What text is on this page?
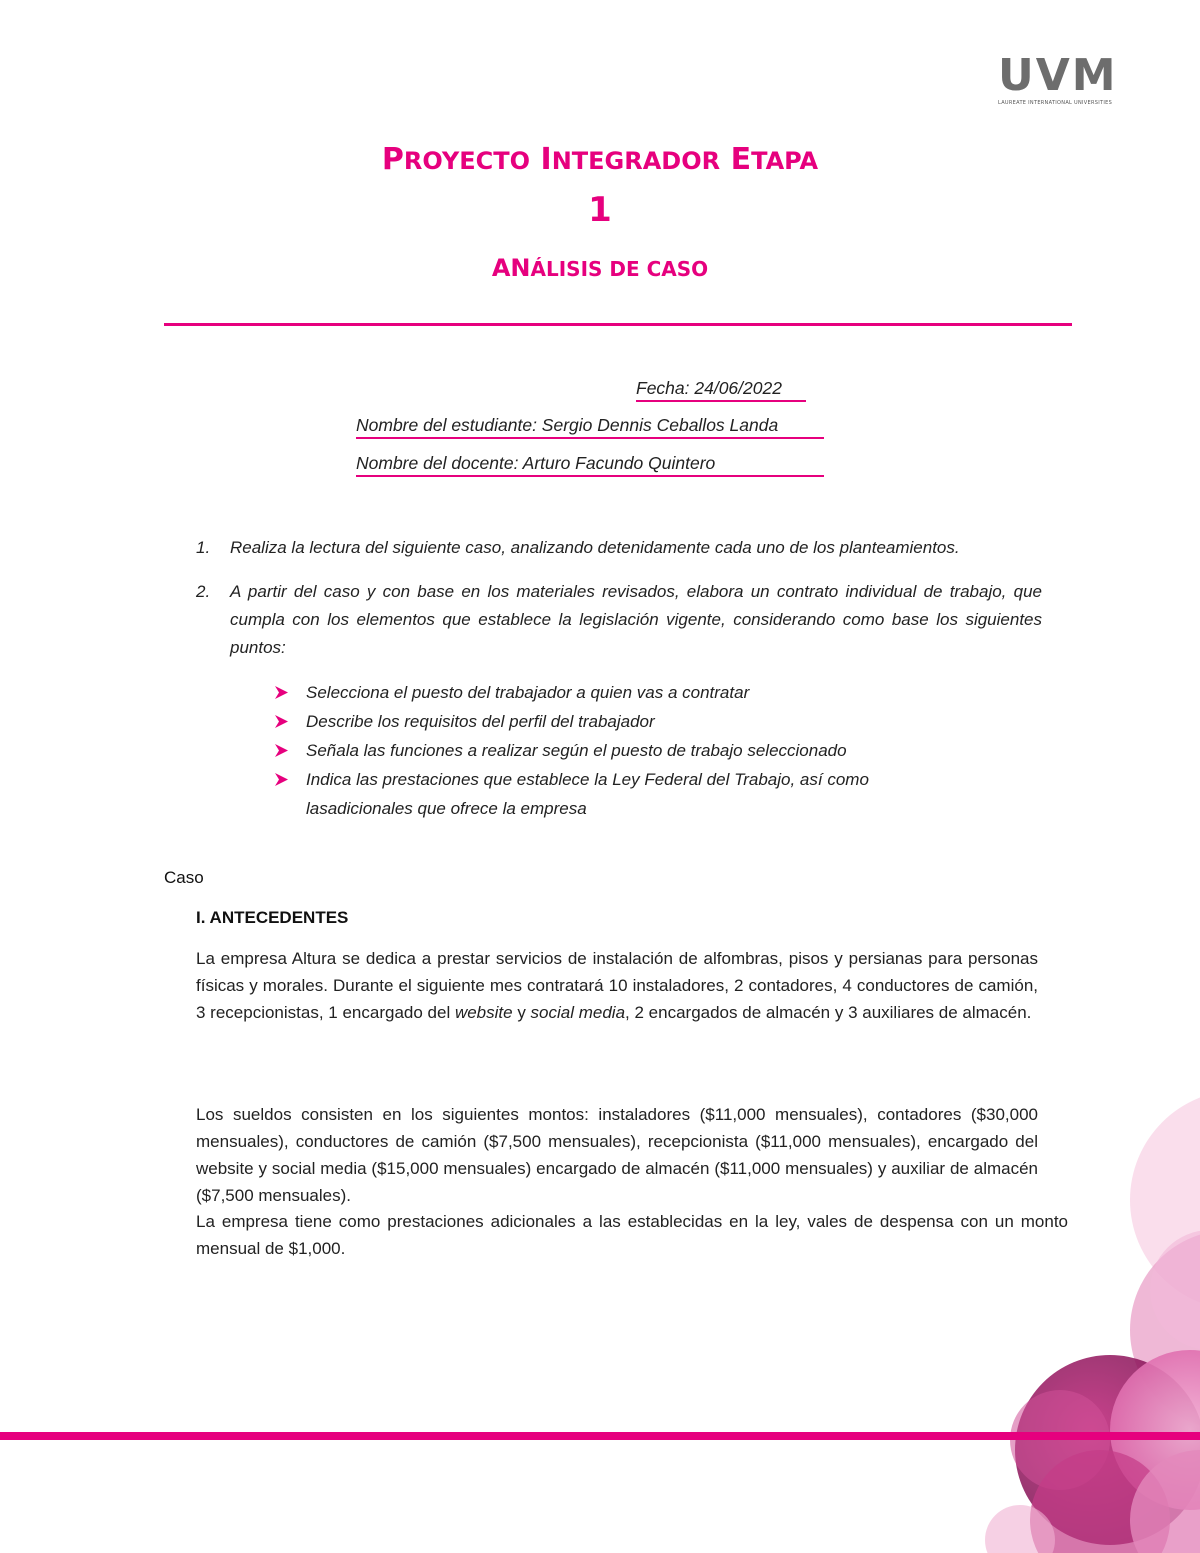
UVM
LAUREATE INTERNATIONAL UNIVERSITIES
PROYECTO INTEGRADOR ETAPA
1
ANÁLISIS DE CASO
Fecha: 24/06/2022
Nombre del estudiante: Sergio Dennis Ceballos Landa
Nombre del docente: Arturo Facundo Quintero
1. Realiza la lectura del siguiente caso, analizando detenidamente cada uno de los planteamientos.
2. A partir del caso y con base en los materiales revisados, elabora un contrato individual de trabajo, que cumpla con los elementos que establece la legislación vigente, considerando como base los siguientes puntos:
Selecciona el puesto del trabajador a quien vas a contratar
Describe los requisitos del perfil del trabajador
Señala las funciones a realizar según el puesto de trabajo seleccionado
Indica las prestaciones que establece la Ley Federal del Trabajo, así como lasadicionales que ofrece la empresa
Caso
I. ANTECEDENTES
La empresa Altura se dedica a prestar servicios de instalación de alfombras, pisos y persianas para personas físicas y morales. Durante el siguiente mes contratará 10 instaladores, 2 contadores, 4 conductores de camión, 3 recepcionistas, 1 encargado del website y social media, 2 encargados de almacén y 3 auxiliares de almacén.
Los sueldos consisten en los siguientes montos: instaladores ($11,000 mensuales), contadores ($30,000 mensuales), conductores de camión ($7,500 mensuales), recepcionista ($11,000 mensuales), encargado del website y social media ($15,000 mensuales) encargado de almacén ($11,000 mensuales) y auxiliar de almacén ($7,500 mensuales).
La empresa tiene como prestaciones adicionales a las establecidas en la ley, vales de despensa con un monto mensual de $1,000.
